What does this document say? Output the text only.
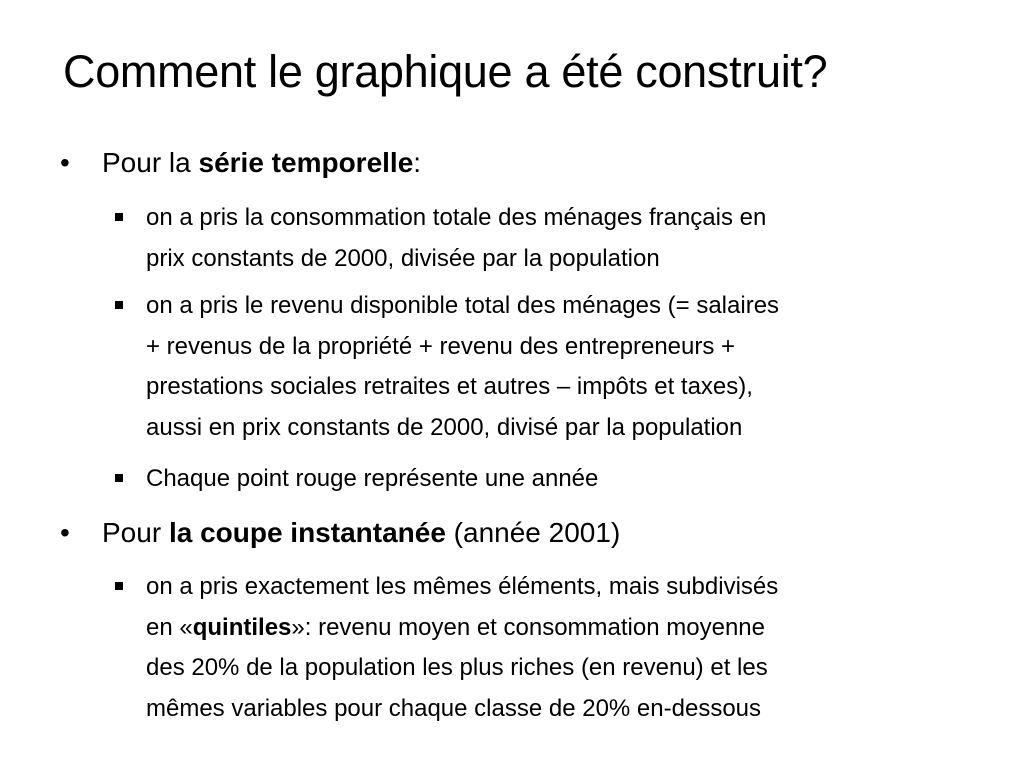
Comment le graphique a été construit?
•	Pour la série temporelle:
on a pris la consommation totale des ménages français en
prix constants de 2000, divisée par la population
on a pris le revenu disponible total des ménages (= salaires
+ revenus de la propriété + revenu des entrepreneurs +
prestations sociales retraites et autres – impôts et taxes),
aussi en prix constants de 2000, divisé par la population
Chaque point rouge représente une année
•	Pour la coupe instantanée (année 2001)
on a pris exactement les mêmes éléments, mais subdivisés
en «quintiles»: revenu moyen et consommation moyenne
des 20% de la population les plus riches (en revenu) et les
mêmes variables pour chaque classe de 20% en-dessous
